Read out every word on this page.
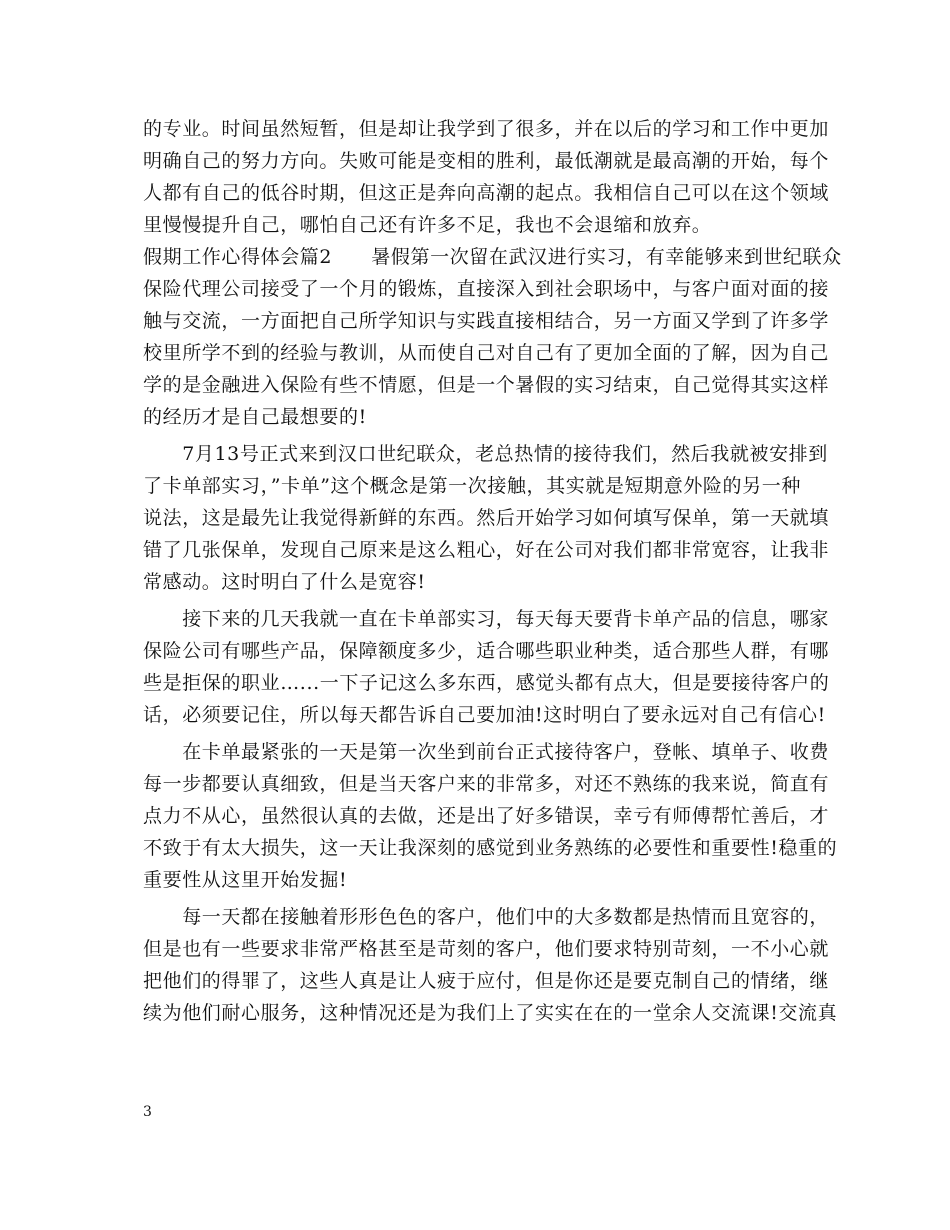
的专业。时间虽然短暂，但是却让我学到了很多，并在以后的学习和工作中更加
明确自己的努力方向。失败可能是变相的胜利，最低潮就是最高潮的开始，每个
人都有自己的低谷时期，但这正是奔向高潮的起点。我相信自己可以在这个领域
里慢慢提升自己，哪怕自己还有许多不足，我也不会退缩和放弃。
假期工作心得体会篇2　　暑假第一次留在武汉进行实习，有幸能够来到世纪联众
保险代理公司接受了一个月的锻炼，直接深入到社会职场中，与客户面对面的接
触与交流，一方面把自己所学知识与实践直接相结合，另一方面又学到了许多学
校里所学不到的经验与教训，从而使自己对自己有了更加全面的了解，因为自己
学的是金融进入保险有些不情愿，但是一个暑假的实习结束，自己觉得其实这样
的经历才是自己最想要的!
　　7月13号正式来到汉口世纪联众，老总热情的接待我们，然后我就被安排到
了卡单部实习，”卡单”这个概念是第一次接触，其实就是短期意外险的另一种
说法，这是最先让我觉得新鲜的东西。然后开始学习如何填写保单，第一天就填
错了几张保单，发现自己原来是这么粗心，好在公司对我们都非常宽容，让我非
常感动。这时明白了什么是宽容!
　　接下来的几天我就一直在卡单部实习，每天每天要背卡单产品的信息，哪家
保险公司有哪些产品，保障额度多少，适合哪些职业种类，适合那些人群，有哪
些是拒保的职业…...一下子记这么多东西，感觉头都有点大，但是要接待客户的
话，必须要记住，所以每天都告诉自己要加油!这时明白了要永远对自己有信心!
　　在卡单最紧张的一天是第一次坐到前台正式接待客户，登帐、填单子、收费
每一步都要认真细致，但是当天客户来的非常多，对还不熟练的我来说，简直有
点力不从心，虽然很认真的去做，还是出了好多错误，幸亏有师傅帮忙善后，才
不致于有太大损失，这一天让我深刻的感觉到业务熟练的必要性和重要性!稳重的
重要性从这里开始发掘!
　　每一天都在接触着形形色色的客户，他们中的大多数都是热情而且宽容的，
但是也有一些要求非常严格甚至是苛刻的客户，他们要求特别苛刻，一不小心就
把他们的得罪了，这些人真是让人疲于应付，但是你还是要克制自己的情绪，继
续为他们耐心服务，这种情况还是为我们上了实实在在的一堂余人交流课!交流真
3
